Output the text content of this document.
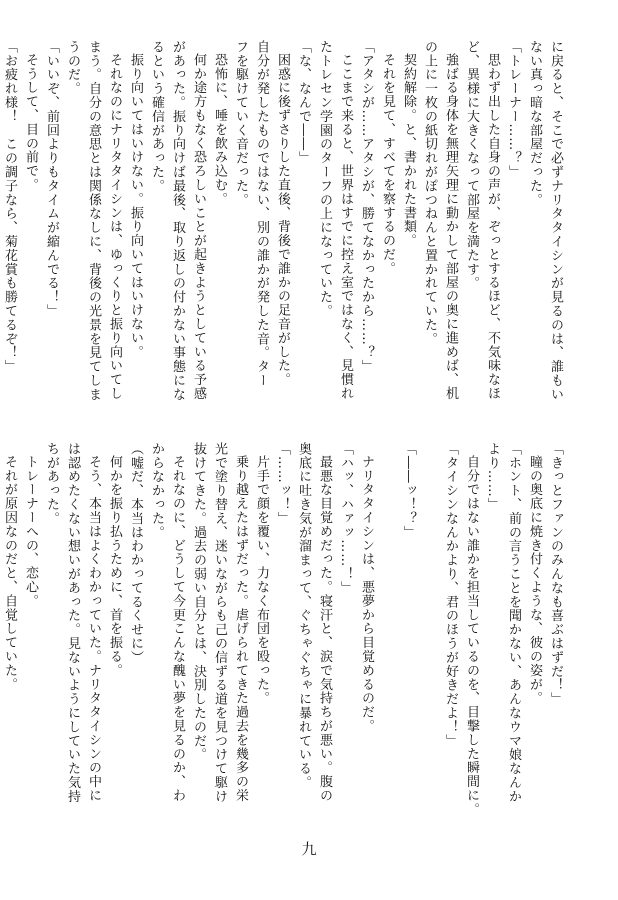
に戻ると、そこで必ずナリタタイシンが見るのは、誰もい
ない真っ暗な部屋だった。
「トレーナー……？」
思わず出した自身の声が、ぞっとするほど、不気味なほ
ど、異様に大きくなって部屋を満たす。
強ばる身体を無理矢理に動かして部屋の奥に進めば、机
の上に一枚の紙切れがぽつねんと置かれていた。
契約解除。と、書かれた書類。
それを見て、すべてを察するのだ。
「アタシが……アタシが、勝てなかったから……？」
ここまで来ると、世界はすでに控え室ではなく、見慣れ
たトレセン学園のターフの上になっていた。
「な、なんで――」
困惑に後ずさりした直後、背後で誰かの足音がした。
自分が発したものではない、別の誰かが発した音。ター
フを駆けていく音だった。
恐怖に、唾を飲み込む。
何か途方もなく恐ろしいことが起きようとしている予感
があった。振り向けば最後、取り返しの付かない事態にな
るという確信があった。
振り向いてはいけない。振り向いてはいけない。
それなのにナリタタイシンは、ゆっくりと振り向いてし
まう。自分の意思とは関係なしに、背後の光景を見てしま
うのだ。
「いいぞ、前回よりもタイムが縮んでる！」
そうして、目の前で。
「お疲れ様！　この調子なら、菊花賞も勝てるぞ！」
「きっとファンのみんなも喜ぶはずだ！」
瞳の奥底に焼き付くような、彼の姿が。
「ホント、前の言うことを聞かない、あんなウマ娘なんか
より……」
自分ではない誰かを担当しているのを、目撃した瞬間に。
「タイシンなんかより、君のほうが好きだよ！」
「――ッ！？」
ナリタタイシンは、悪夢から目覚めるのだ。
「ハッ、ハァッ……！」
最悪な目覚めだった。寝汗と、涙で気持ちが悪い。腹の
奥底に吐き気が溜まって、ぐちゃぐちゃに暴れている。
「……ッ！」
片手で顔を覆い、力なく布団を殴った。
乗り越えたはずだった。虐げられてきた過去を幾多の栄
光で塗り替え、迷いながらも己の信ずる道を見つけて駆け
抜けてきた。過去の弱い自分とは、決別したのだ。
それなのに、どうして今更こんな醜い夢を見るのか、わ
からなかった。
（嘘だ、本当はわかってるくせに）
何かを振り払うために、首を振る。
そう、本当はよくわかっていた。ナリタタイシンの中に
は認めたくない想いがあった。見ないようにしていた気持
ちがあった。
トレーナーへの、恋心。
それが原因なのだと、自覚していた。
九
